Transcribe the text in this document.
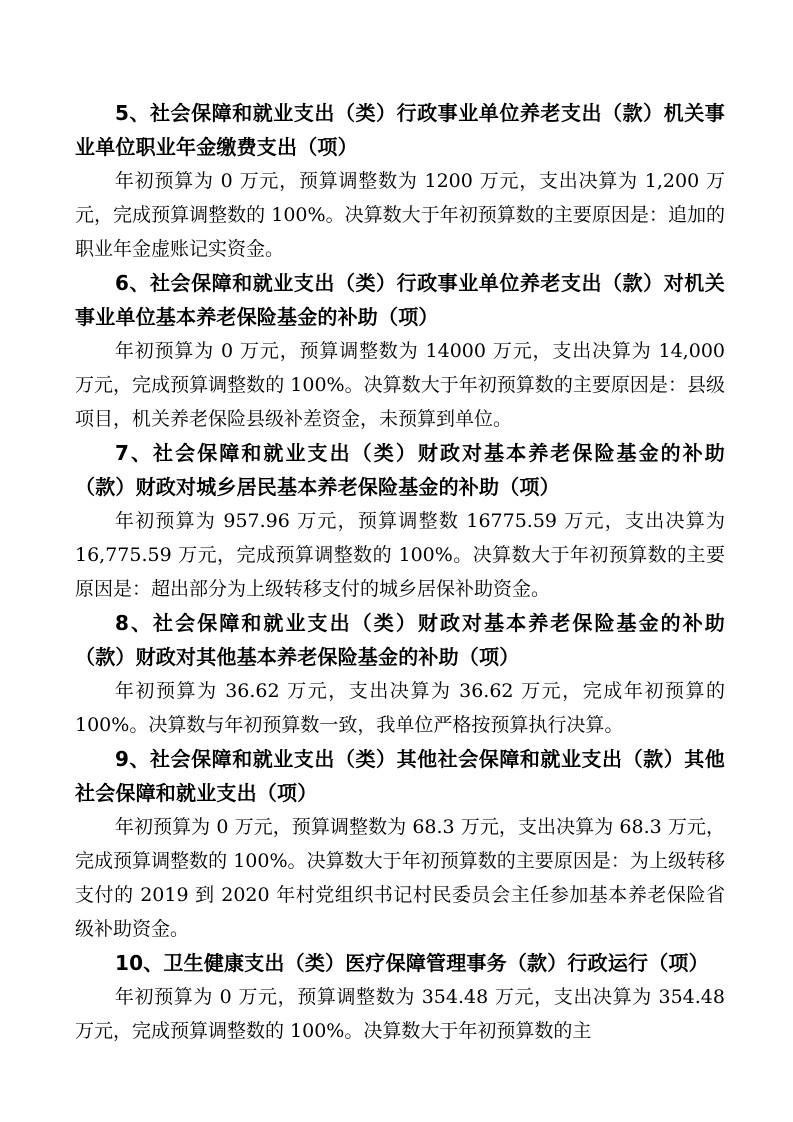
5、社会保障和就业支出（类）行政事业单位养老支出（款）机关事业单位职业年金缴费支出（项）

年初预算为 0 万元，预算调整数为 1200 万元，支出决算为 1,200 万元，完成预算调整数的 100%。决算数大于年初预算数的主要原因是：追加的职业年金虚账记实资金。

6、社会保障和就业支出（类）行政事业单位养老支出（款）对机关事业单位基本养老保险基金的补助（项）

年初预算为 0 万元，预算调整数为 14000 万元，支出决算为 14,000 万元，完成预算调整数的 100%。决算数大于年初预算数的主要原因是：县级项目，机关养老保险县级补差资金，未预算到单位。

7、社会保障和就业支出（类）财政对基本养老保险基金的补助（款）财政对城乡居民基本养老保险基金的补助（项）

年初预算为 957.96 万元，预算调整数 16775.59 万元，支出决算为 16,775.59 万元，完成预算调整数的 100%。决算数大于年初预算数的主要原因是：超出部分为上级转移支付的城乡居保补助资金。

8、社会保障和就业支出（类）财政对基本养老保险基金的补助（款）财政对其他基本养老保险基金的补助（项）

年初预算为 36.62 万元，支出决算为 36.62 万元，完成年初预算的 100%。决算数与年初预算数一致，我单位严格按预算执行决算。

9、社会保障和就业支出（类）其他社会保障和就业支出（款）其他社会保障和就业支出（项）

年初预算为 0 万元，预算调整数为 68.3 万元，支出决算为 68.3 万元，完成预算调整数的 100%。决算数大于年初预算数的主要原因是：为上级转移支付的 2019 到 2020 年村党组织书记村民委员会主任参加基本养老保险省级补助资金。

10、卫生健康支出（类）医疗保障管理事务（款）行政运行（项）

年初预算为 0 万元，预算调整数为 354.48 万元，支出决算为 354.48 万元，完成预算调整数的 100%。决算数大于年初预算数的主
